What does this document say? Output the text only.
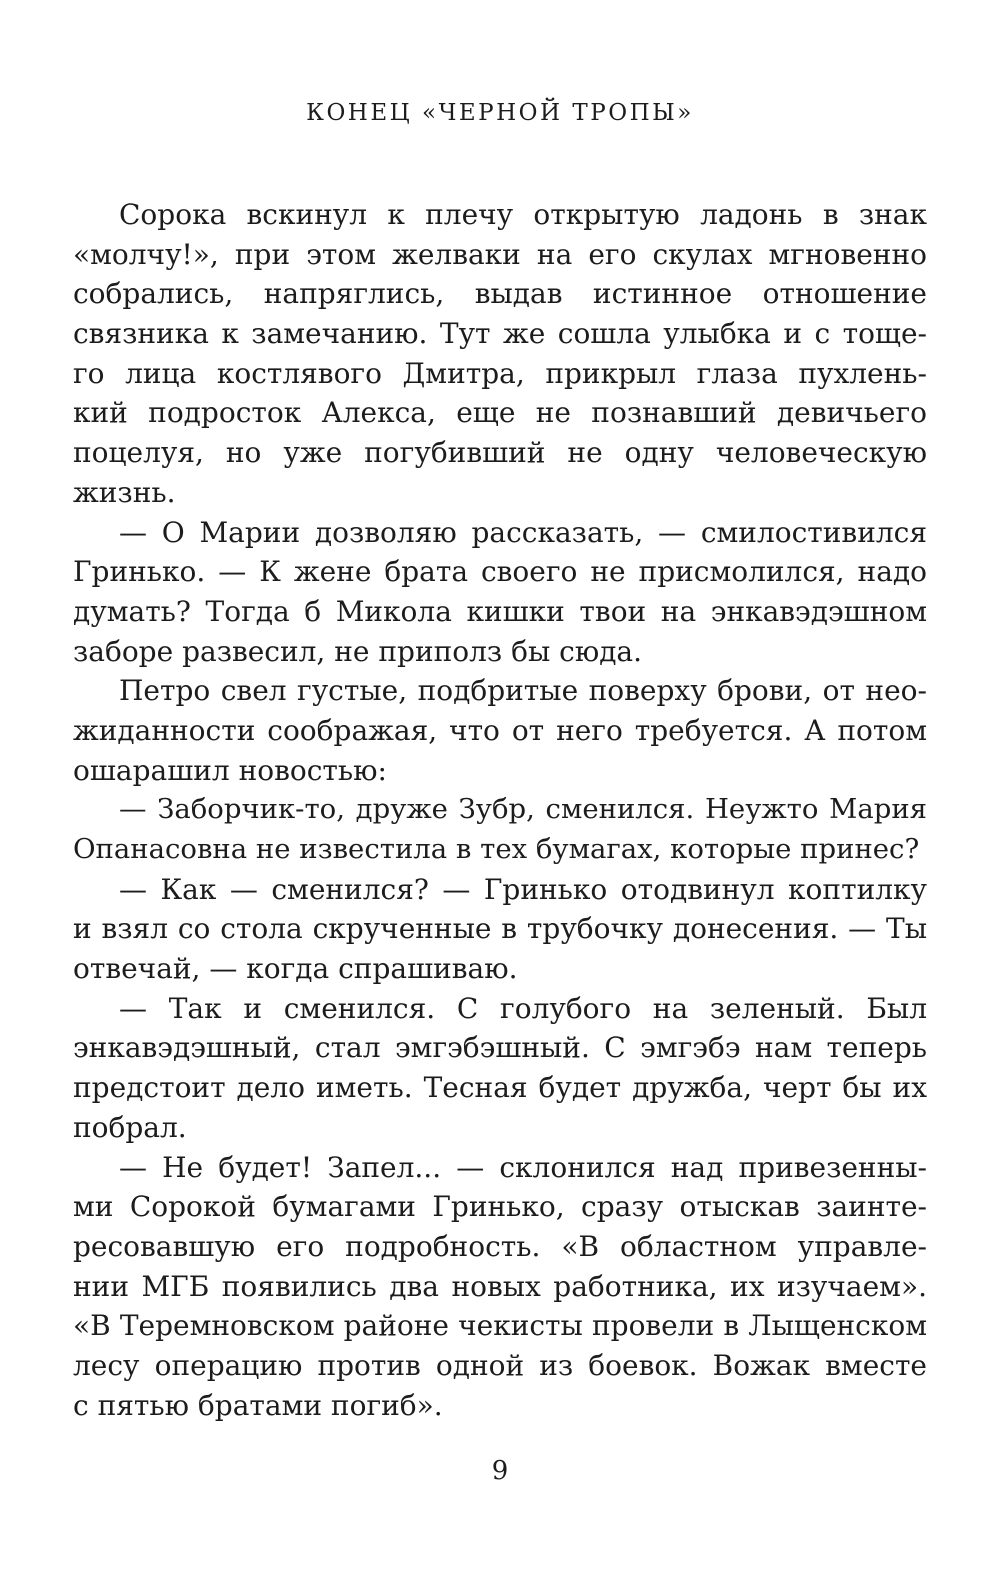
КОНЕЦ «ЧЕРНОЙ ТРОПЫ»
Сорока вскинул к плечу открытую ладонь в знак
«молчу!», при этом желваки на его скулах мгновенно
собрались, напряглись, выдав истинное отношение
связника к замечанию. Тут же сошла улыбка и с тоще-
го лица костлявого Дмитра, прикрыл глаза пухлень-
кий подросток Алекса, еще не познавший девичьего
поцелуя, но уже погубивший не одну человеческую
жизнь.
— О Марии дозволяю рассказать, — смилостивился
Гринько. — К жене брата своего не присмолился, надо
думать? Тогда б Микола кишки твои на энкавэдэшном
заборе развесил, не приполз бы сюда.
Петро свел густые, подбритые поверху брови, от нео-
жиданности соображая, что от него требуется. А потом
ошарашил новостью:
— Заборчик-то, друже Зубр, сменился. Неужто Мария
Опанасовна не известила в тех бумагах, которые принес?
— Как — сменился? — Гринько отодвинул коптилку
и взял со стола скрученные в трубочку донесения. — Ты
отвечай, — когда спрашиваю.
— Так и сменился. С голубого на зеленый. Был
энкавэдэшный, стал эмгэбэшный. С эмгэбэ нам теперь
предстоит дело иметь. Тесная будет дружба, черт бы их
побрал.
— Не будет! Запел... — склонился над привезенны-
ми Сорокой бумагами Гринько, сразу отыскав заинте-
ресовавшую его подробность. «В областном управле-
нии МГБ появились два новых работника, их изучаем».
«В Теремновском районе чекисты провели в Лыщенском
лесу операцию против одной из боевок. Вожак вместе
с пятью братами погиб».
9
